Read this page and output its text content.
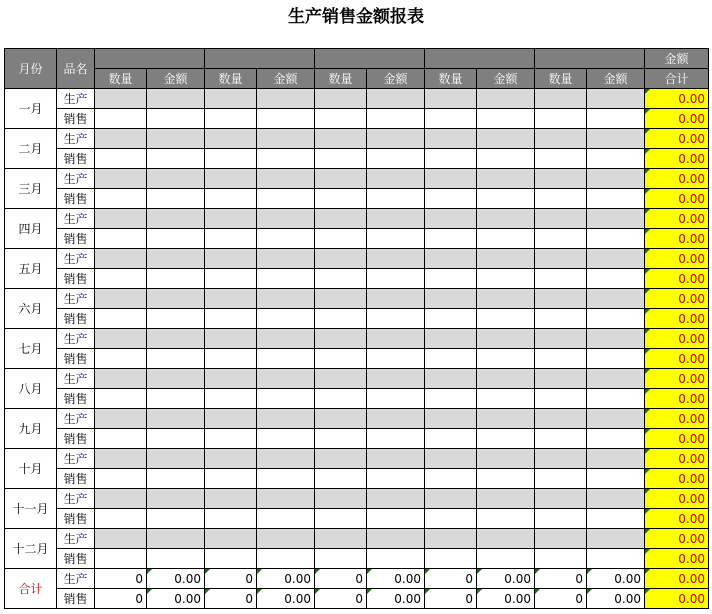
生产销售金额报表
月份	品名											金额
		数量	金额	数量	金额	数量	金额	数量	金额	数量	金额	合计
一月	生产											0.00
	销售											0.00
二月	生产											0.00
	销售											0.00
三月	生产											0.00
	销售											0.00
四月	生产											0.00
	销售											0.00
五月	生产											0.00
	销售											0.00
六月	生产											0.00
	销售											0.00
七月	生产											0.00
	销售											0.00
八月	生产											0.00
	销售											0.00
九月	生产											0.00
	销售											0.00
十月	生产											0.00
	销售											0.00
十一月	生产											0.00
	销售											0.00
十二月	生产											0.00
	销售											0.00
合计	生产	0	0.00	0	0.00	0	0.00	0	0.00	0	0.00	0.00
	销售	0	0.00	0	0.00	0	0.00	0	0.00	0	0.00	0.00
